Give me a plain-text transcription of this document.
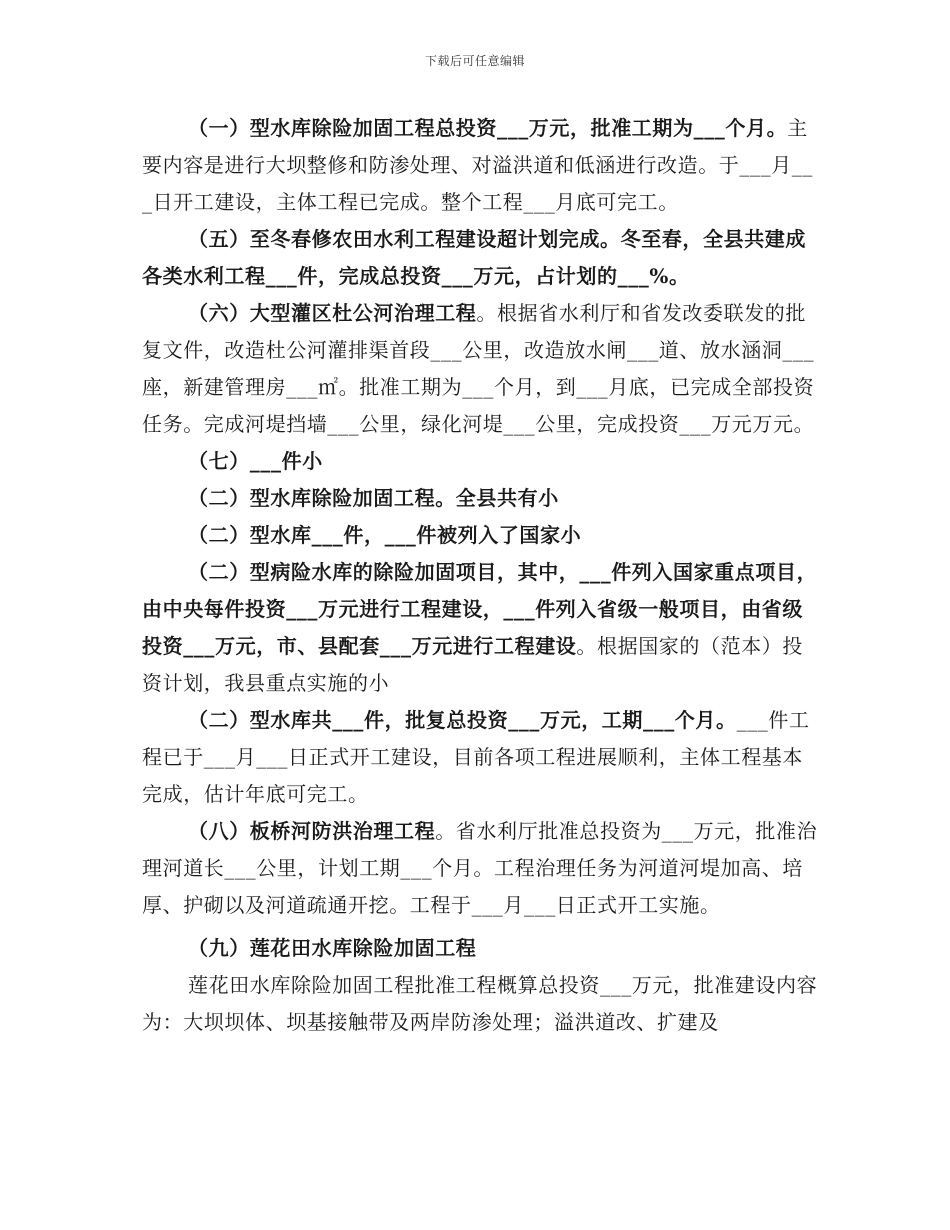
下载后可任意编辑

（一）型水库除险加固工程总投资___万元，批准工期为___个月。主要内容是进行大坝整修和防渗处理、对溢洪道和低涵进行改造。于___月___日开工建设，主体工程已完成。整个工程___月底可完工。

（五）至冬春修农田水利工程建设超计划完成。冬至春，全县共建成各类水利工程___件，完成总投资___万元，占计划的___%。

（六）大型灌区杜公河治理工程。根据省水利厅和省发改委联发的批复文件，改造杜公河灌排渠首段___公里，改造放水闸___道、放水涵洞___座，新建管理房___㎡。批准工期为___个月，到___月底，已完成全部投资任务。完成河堤挡墙___公里，绿化河堤___公里，完成投资___万元万元。

（七）___件小

（二）型水库除险加固工程。全县共有小

（二）型水库___件，___件被列入了国家小

（二）型病险水库的除险加固项目，其中，___件列入国家重点项目，由中央每件投资___万元进行工程建设，___件列入省级一般项目，由省级投资___万元，市、县配套___万元进行工程建设。根据国家的（范本）投资计划，我县重点实施的小

（二）型水库共___件，批复总投资___万元，工期___个月。___件工程已于___月___日正式开工建设，目前各项工程进展顺利，主体工程基本完成，估计年底可完工。

（八）板桥河防洪治理工程。省水利厅批准总投资为___万元，批准治理河道长___公里，计划工期___个月。工程治理任务为河道河堤加高、培厚、护砌以及河道疏通开挖。工程于___月___日正式开工实施。

（九）莲花田水库除险加固工程

莲花田水库除险加固工程批准工程概算总投资___万元，批准建设内容为：大坝坝体、坝基接触带及两岸防渗处理；溢洪道改、扩建及
